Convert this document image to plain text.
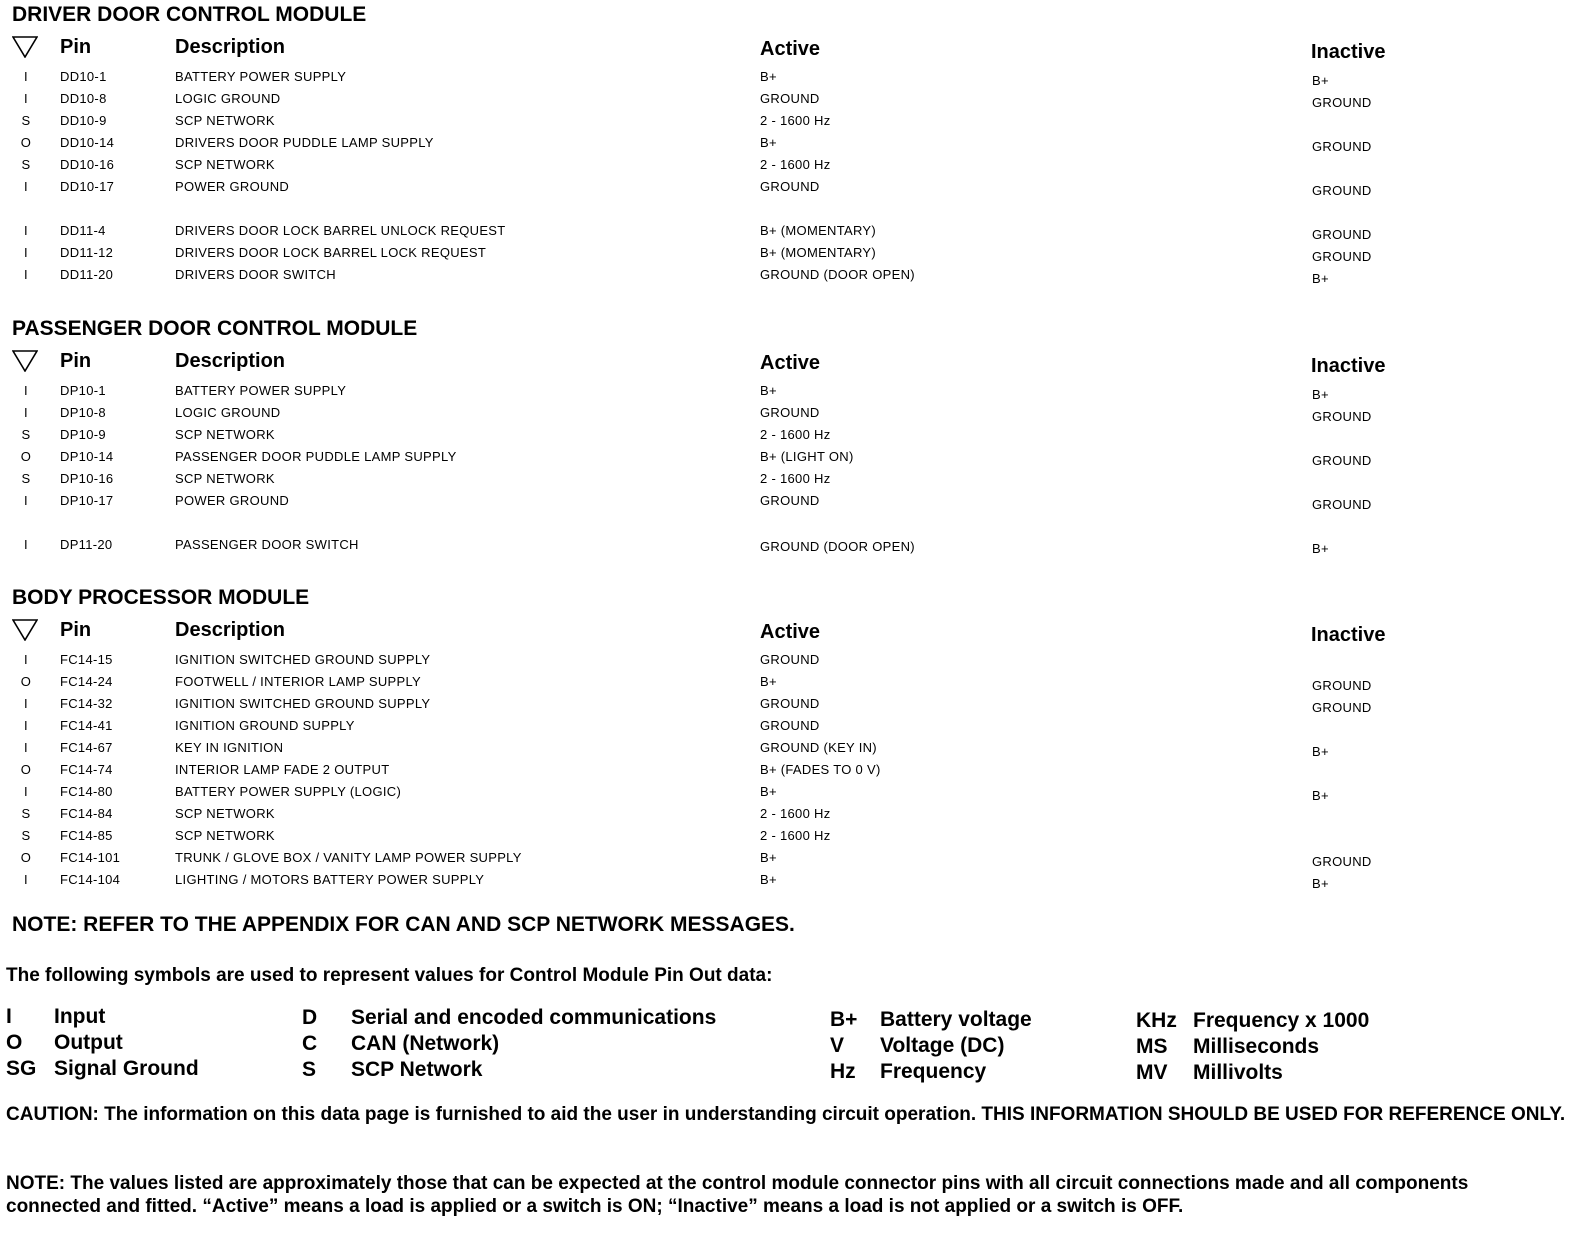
DRIVER DOOR CONTROL MODULE
Pin	Description	Active	Inactive
I	DD10-1	BATTERY POWER SUPPLY	B+	B+
I	DD10-8	LOGIC GROUND	GROUND	GROUND
S DD10-9	SCP NETWORK	2 - 1600 Hz
O DD10-14	DRIVERS DOOR PUDDLE LAMP SUPPLY	B+	GROUND
S DD10-16	SCP NETWORK	2 - 1600 Hz
I	DD10-17	POWER GROUND	GROUND	GROUND
I	DD11-4	DRIVERS DOOR LOCK BARREL UNLOCK REQUEST	B+ (MOMENTARY)	GROUND
I	DD11-12	DRIVERS DOOR LOCK BARREL LOCK REQUEST	B+ (MOMENTARY)	GROUND
I	DD11-20	DRIVERS DOOR SWITCH	GROUND (DOOR OPEN)	B+
PASSENGER DOOR CONTROL MODULE
Pin	Description	Active	Inactive
I	DP10-1	BATTERY POWER SUPPLY	B+	B+
I	DP10-8	LOGIC GROUND	GROUND	GROUND
S DP10-9	SCP NETWORK	2 - 1600 Hz
O DP10-14	PASSENGER DOOR PUDDLE LAMP SUPPLY	B+ (LIGHT ON)	GROUND
S DP10-16	SCP NETWORK	2 - 1600 Hz
I	DP10-17	POWER GROUND	GROUND	GROUND
I	DP11-20	PASSENGER DOOR SWITCH	GROUND (DOOR OPEN)	B+
BODY PROCESSOR MODULE
Pin	Description	Active	Inactive
I	FC14-15	IGNITION SWITCHED GROUND SUPPLY	GROUND
O FC14-24	FOOTWELL / INTERIOR LAMP SUPPLY	B+	GROUND
I	FC14-32	IGNITION SWITCHED GROUND SUPPLY	GROUND	GROUND
I	FC14-41	IGNITION GROUND SUPPLY	GROUND
I	FC14-67	KEY IN IGNITION	GROUND (KEY IN)	B+
O FC14-74	INTERIOR LAMP FADE 2 OUTPUT	B+ (FADES TO 0 V)
I	FC14-80	BATTERY POWER SUPPLY (LOGIC)	B+	B+
S FC14-84	SCP NETWORK	2 - 1600 Hz
S FC14-85	SCP NETWORK	2 - 1600 Hz
O FC14-101	TRUNK / GLOVE BOX / VANITY LAMP POWER SUPPLY	B+	GROUND
I	FC14-104	LIGHTING / MOTORS BATTERY POWER SUPPLY	B+	B+
NOTE: REFER TO THE APPENDIX FOR CAN AND SCP NETWORK MESSAGES.
The following symbols are used to represent values for Control Module Pin Out data:
I Input
O Output
SG Signal Ground
D Serial and encoded communications
C CAN (Network)
S SCP Network
B+ Battery voltage
V Voltage (DC)
Hz Frequency
KHz Frequency x 1000
MS Milliseconds
MV Millivolts
CAUTION: The information on this data page is furnished to aid the user in understanding circuit operation. THIS INFORMATION SHOULD BE USED FOR REFERENCE ONLY.
NOTE: The values listed are approximately those that can be expected at the control module connector pins with all circuit connections made and all components connected and fitted. “Active” means a load is applied or a switch is ON; “Inactive” means a load is not applied or a switch is OFF.
